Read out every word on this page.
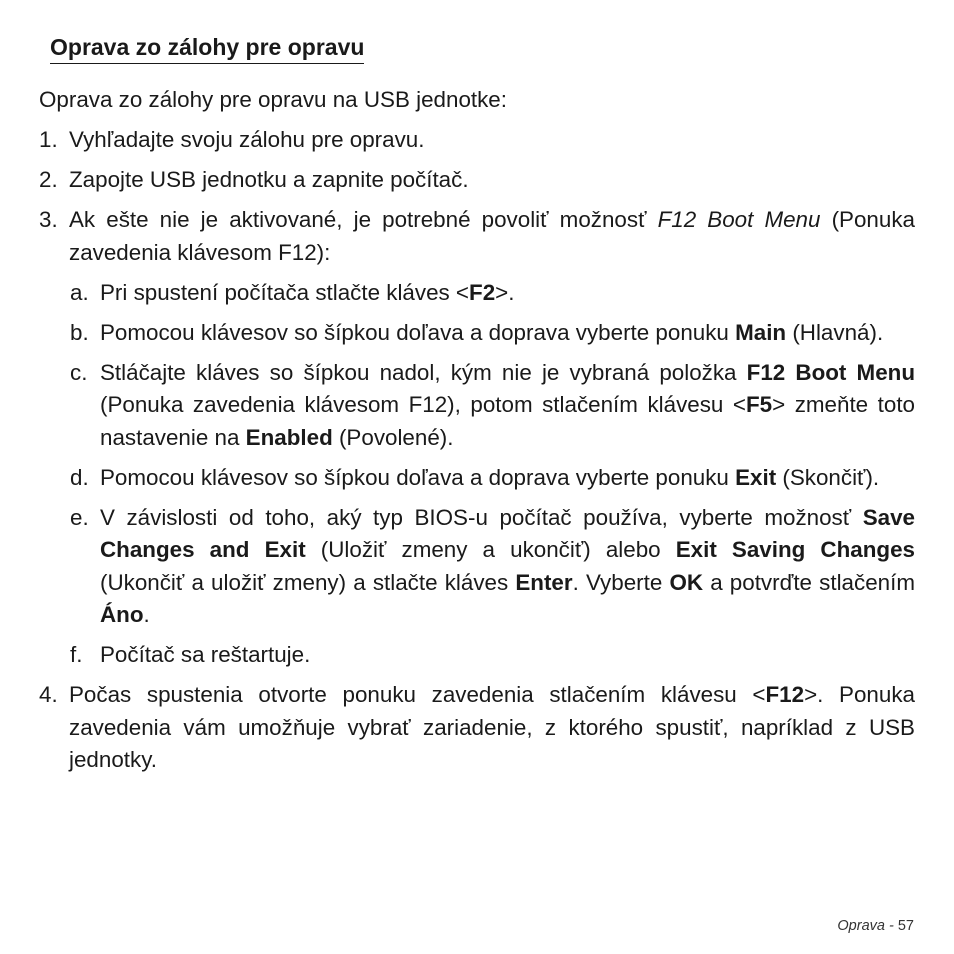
Oprava zo zálohy pre opravu

Oprava zo zálohy pre opravu na USB jednotke:

1. Vyhľadajte svoju zálohu pre opravu.
2. Zapojte USB jednotku a zapnite počítač.
3. Ak ešte nie je aktivované, je potrebné povoliť možnosť F12 Boot Menu (Ponuka zavedenia klávesom F12):
a. Pri spustení počítača stlačte kláves <F2>.
b. Pomocou klávesov so šípkou doľava a doprava vyberte ponuku Main (Hlavná).
c. Stláčajte kláves so šípkou nadol, kým nie je vybraná položka F12 Boot Menu (Ponuka zavedenia klávesom F12), potom stlačením klávesu <F5> zmeňte toto nastavenie na Enabled (Povolené).
d. Pomocou klávesov so šípkou doľava a doprava vyberte ponuku Exit (Skončiť).
e. V závislosti od toho, aký typ BIOS-u počítač používa, vyberte možnosť Save Changes and Exit (Uložiť zmeny a ukončiť) alebo Exit Saving Changes (Ukončiť a uložiť zmeny) a stlačte kláves Enter. Vyberte OK a potvrďte stlačením Áno.
f. Počítač sa reštartuje.
4. Počas spustenia otvorte ponuku zavedenia stlačením klávesu <F12>. Ponuka zavedenia vám umožňuje vybrať zariadenie, z ktorého spustiť, napríklad z USB jednotky.
Oprava - 57
